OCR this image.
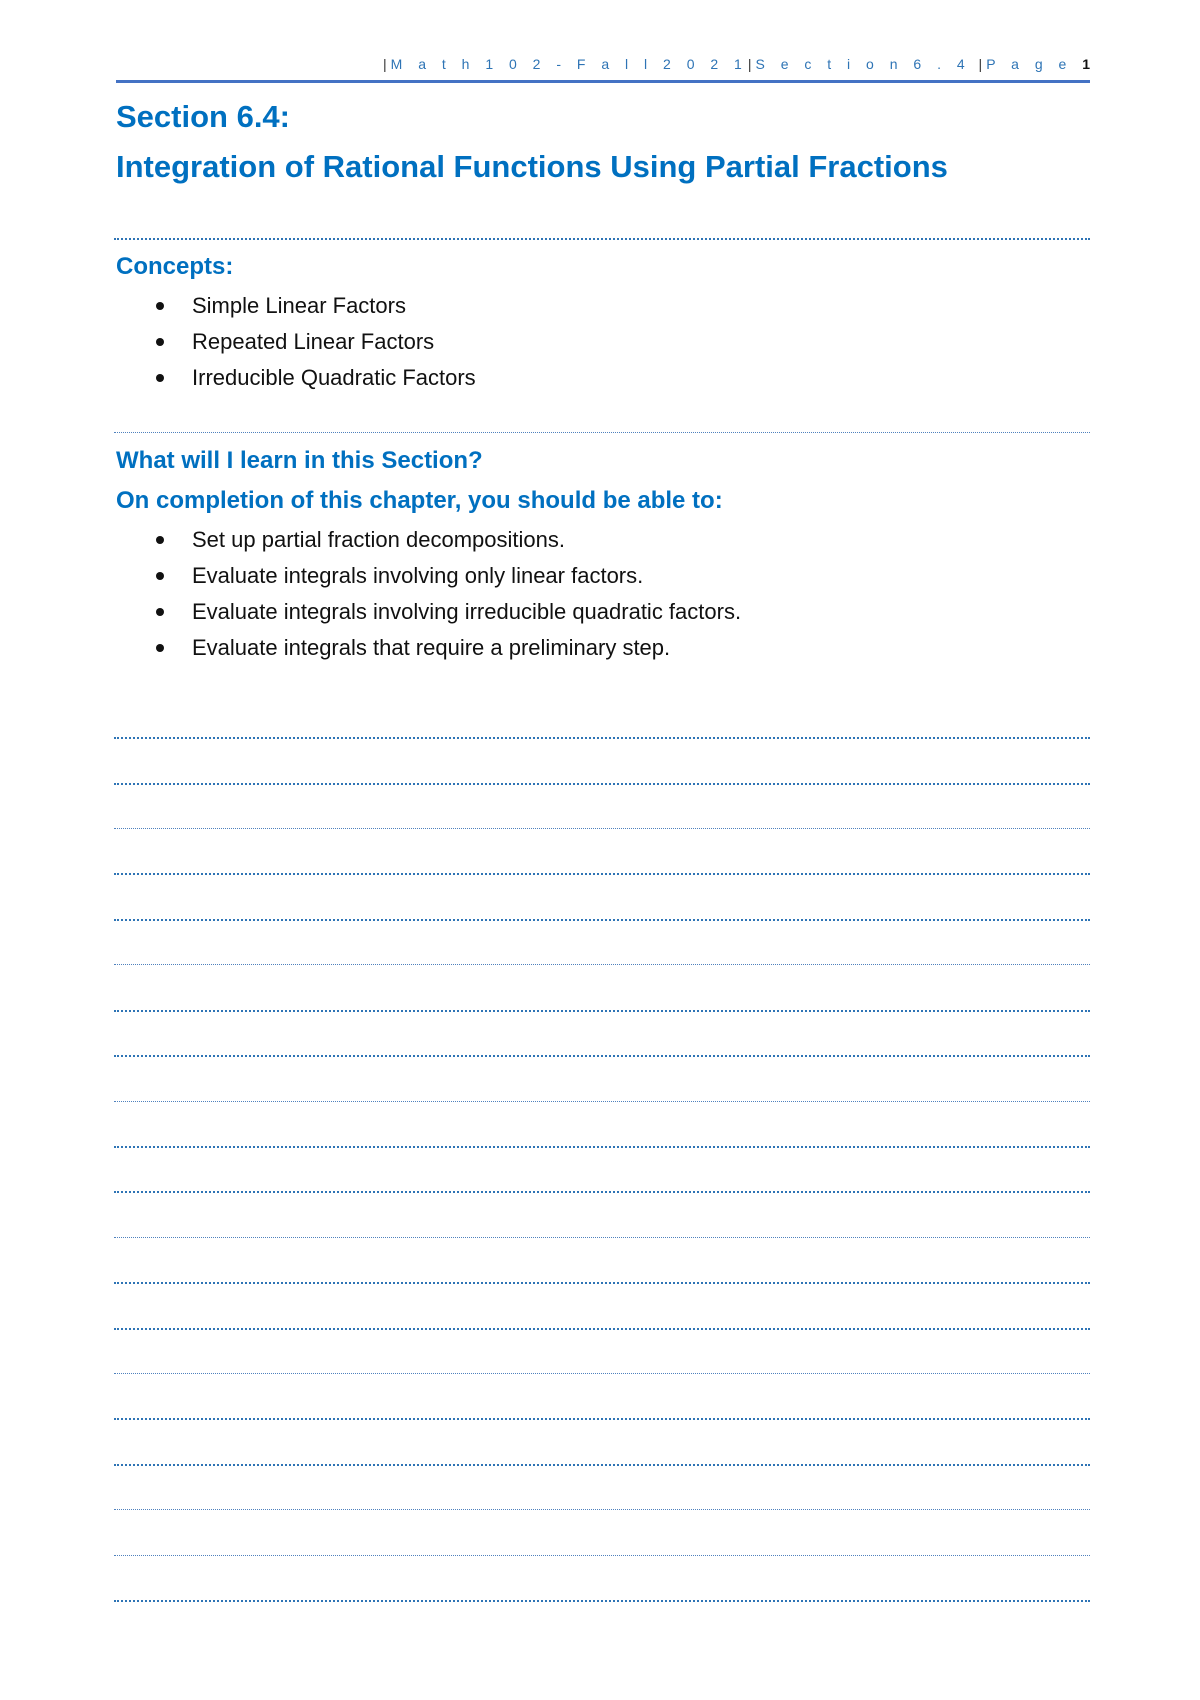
|M a t h 1 0 2 - F a l l 2 0 2 1|S e c t i o n 6 . 4 |P a g e 1
Section 6.4:
Integration of Rational Functions Using Partial Fractions
Concepts:
Simple Linear Factors
Repeated Linear Factors
Irreducible Quadratic Factors
What will I learn in this Section?
On completion of this chapter, you should be able to:
Set up partial fraction decompositions.
Evaluate integrals involving only linear factors.
Evaluate integrals involving irreducible quadratic factors.
Evaluate integrals that require a preliminary step.
